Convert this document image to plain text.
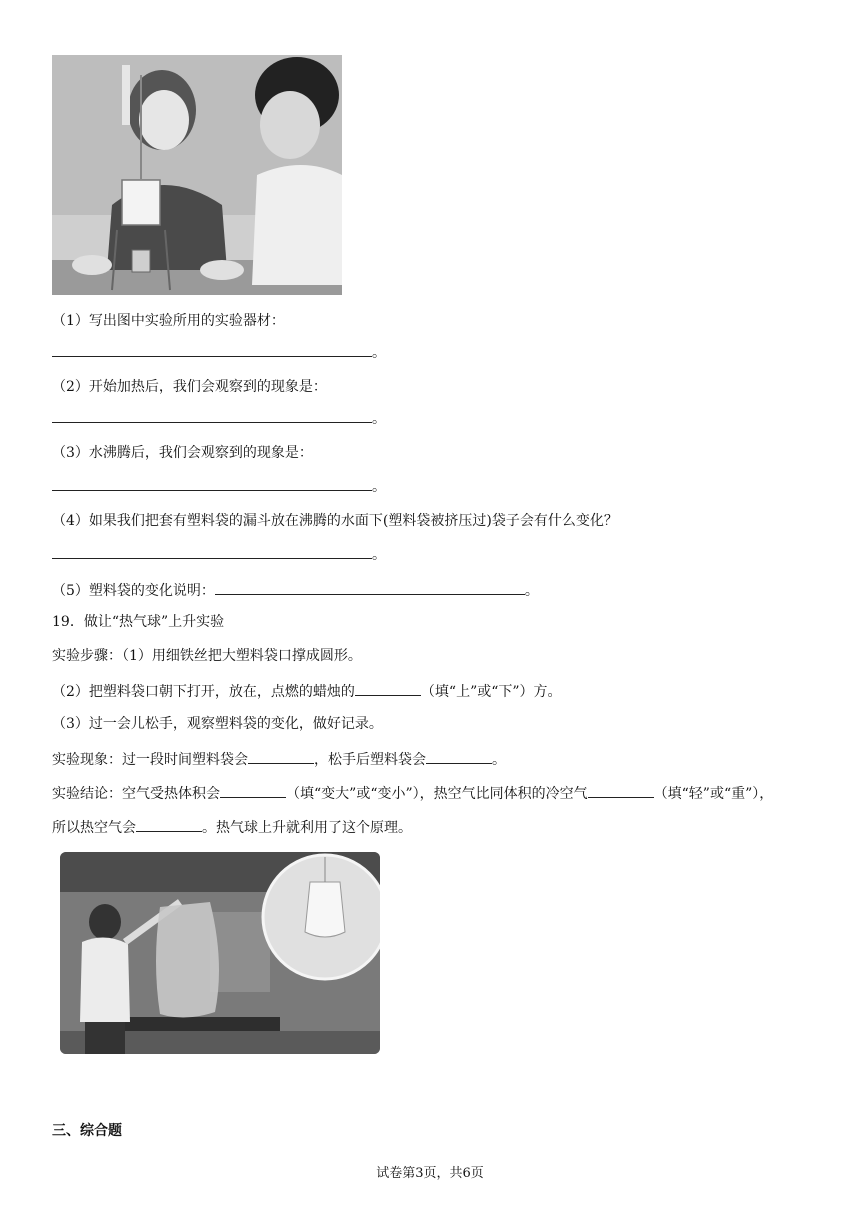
（1）写出图中实验所用的实验器材：
。
（2）开始加热后，我们会观察到的现象是：
。
（3）水沸腾后，我们会观察到的现象是：
。
（4）如果我们把套有塑料袋的漏斗放在沸腾的水面下(塑料袋被挤压过)袋子会有什么变化？
。
（5）塑料袋的变化说明：	。
19．做让“热气球”上升实验
实验步骤：（1）用细铁丝把大塑料袋口撑成圆形。
（2）把塑料袋口朝下打开，放在，点燃的蜡烛的	（填“上”或“下”）方。
（3）过一会儿松手，观察塑料袋的变化，做好记录。
实验现象：过一段时间塑料袋会	，松手后塑料袋会	。
实验结论：空气受热体积会	（填“变大”或“变小”），热空气比同体积的冷空气	（填“轻”或“重”），
所以热空气会	。热气球上升就利用了这个原理。
三、综合题
试卷第3页，共6页
